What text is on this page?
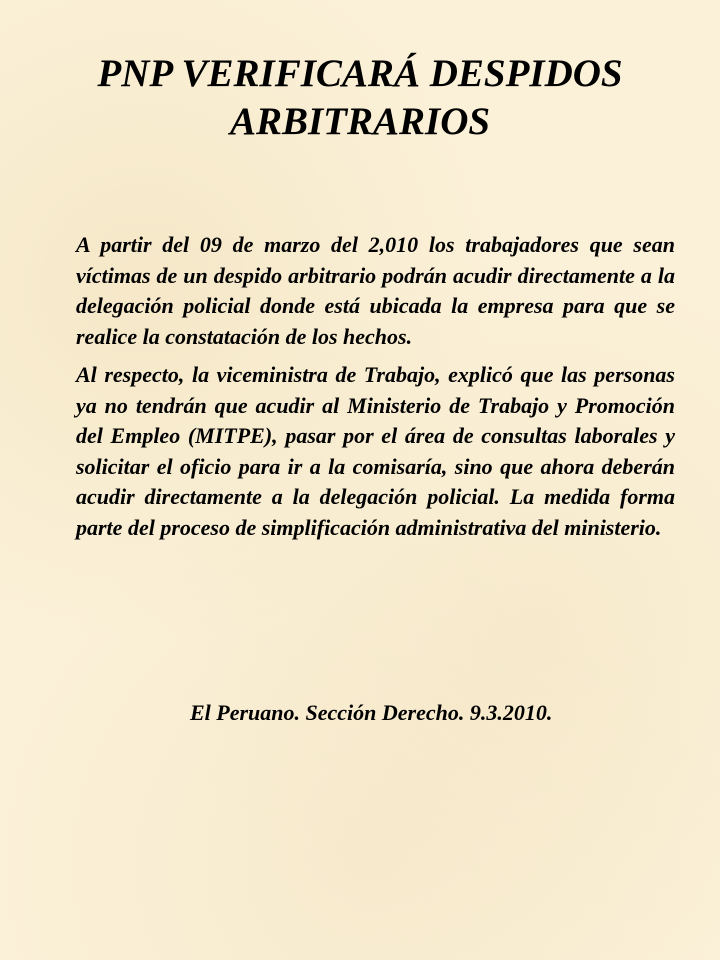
PNP VERIFICARÁ DESPIDOS
ARBITRARIOS

A partir del 09 de marzo del 2,010 los trabajadores que sean víctimas de un despido arbitrario podrán acudir directamente a la delegación policial donde está ubicada la empresa para que se realice la constatación de los hechos.

Al respecto, la viceministra de Trabajo, explicó que las personas ya no tendrán que acudir al Ministerio de Trabajo y Promoción del Empleo (MITPE), pasar por el área de consultas laborales y solicitar el oficio para ir a la comisaría, sino que ahora deberán acudir directamente a la delegación policial. La medida forma parte del proceso de simplificación administrativa del ministerio.

El Peruano. Sección Derecho. 9.3.2010.
